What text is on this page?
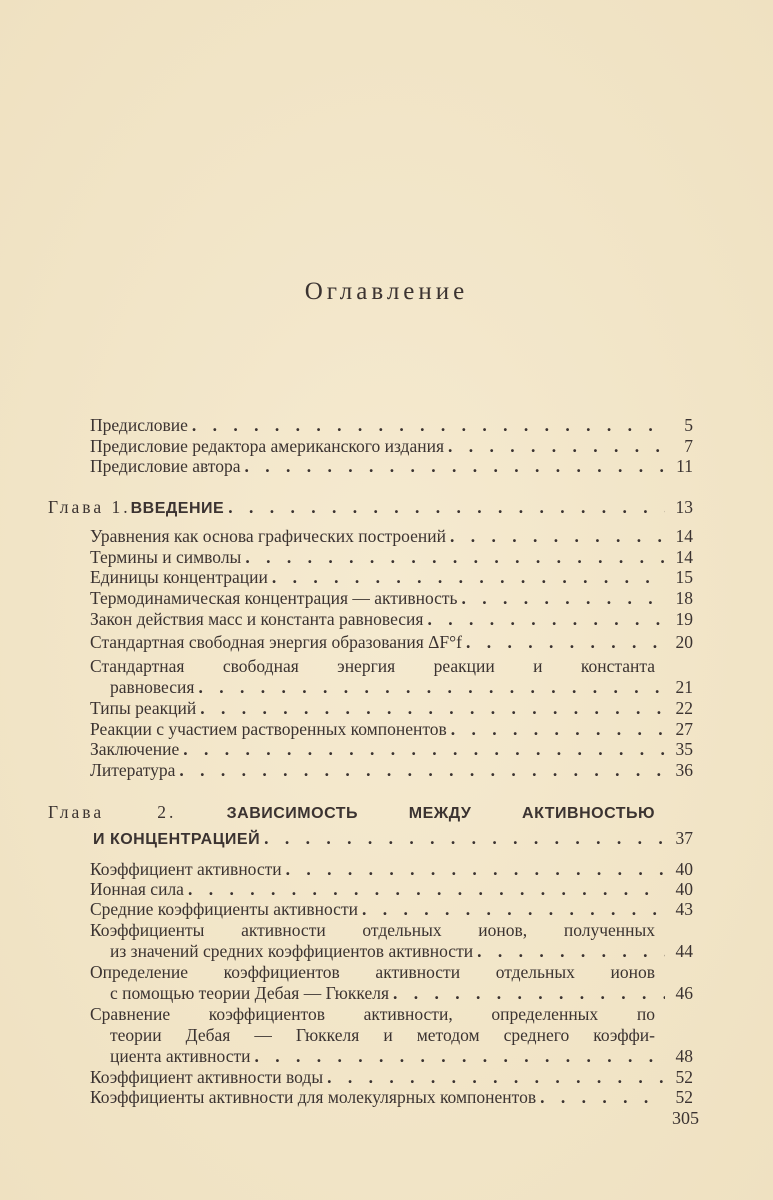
Оглавление
Предисловие . . .	5
Предисловие редактора американского издания . . .	7
Предисловие автора . . .	11
Глава 1. ВВЕДЕНИЕ . . .	13
Уравнения как основа графических построений . . .	14
Термины и символы . . .	14
Единицы концентрации . . .	15
Термодинамическая концентрация — активность . . .	18
Закон действия масс и константа равновесия . . .	19
Стандартная свободная энергия образования ΔF°f . . .	20
Стандартная свободная энергия реакции и константа
равновесия . . .	21
Типы реакций . . .	22
Реакции с участием растворенных компонентов . . .	27
Заключение . . .	35
Литература . . .	36
Глава 2.	ЗАВИСИМОСТЬ МЕЖДУ АКТИВНОСТЬЮ
И КОНЦЕНТРАЦИЕЙ . . .	37
Коэффициент активности . . .	40
Ионная сила . . .	40
Средние коэффициенты активности . . .	43
Коэффициенты активности отдельных ионов, полученных
из значений средних коэффициентов активности . . .	44
Определение коэффициентов активности отдельных ионов
с помощью теории Дебая — Гюккеля . . .	46
Сравнение коэффициентов активности, определенных по
теории Дебая — Гюккеля и методом среднего коэффи-
циента активности . . .	48
Коэффициент активности воды . . .	52
Коэффициенты активности для молекулярных компонентов . . .	52
305
